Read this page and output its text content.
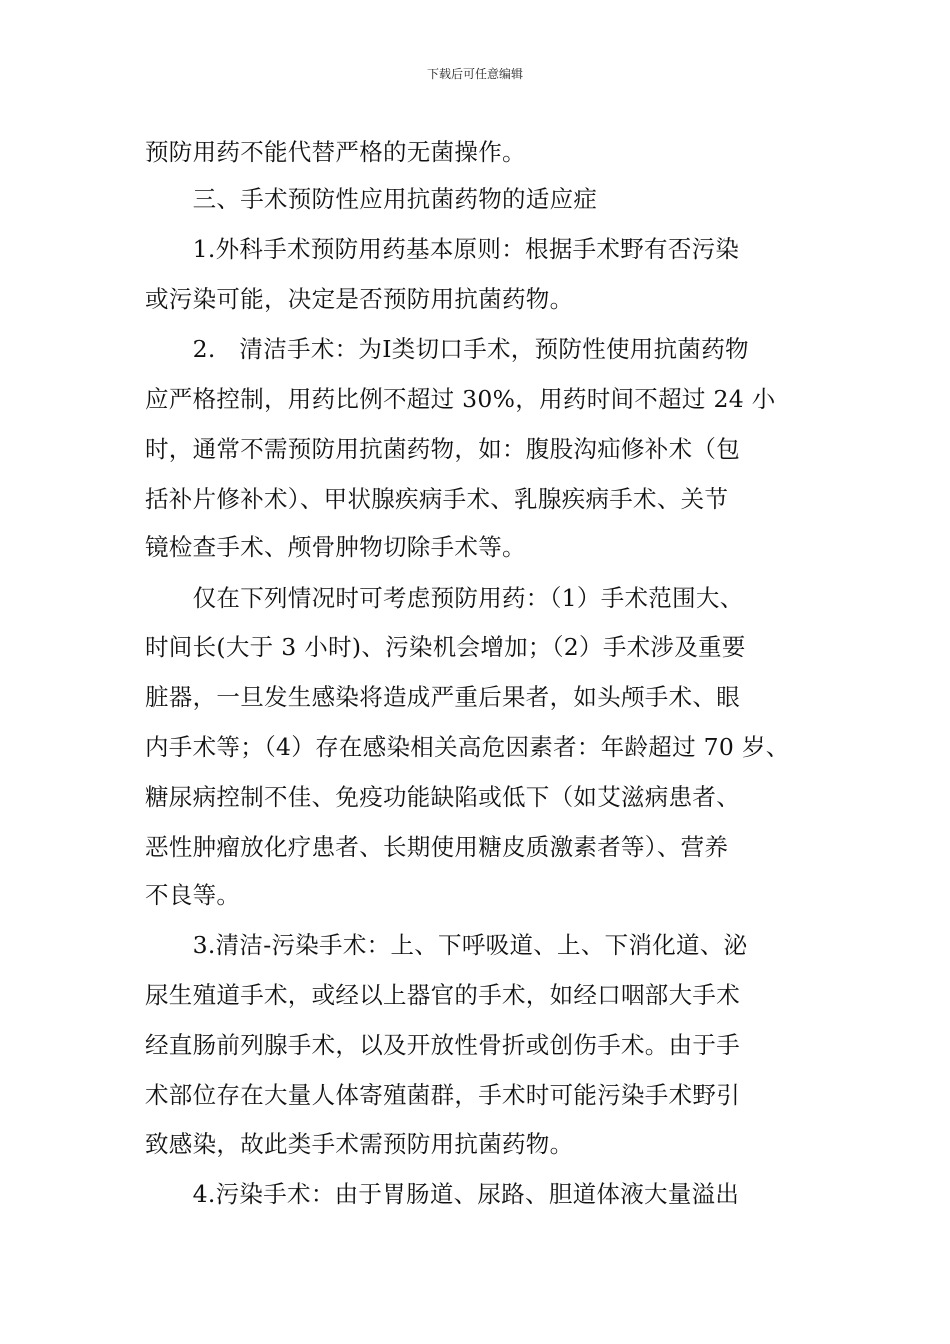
下载后可任意编辑
预防用药不能代替严格的无菌操作。
　　三、手术预防性应用抗菌药物的适应症
　　1.外科手术预防用药基本原则：根据手术野有否污染
或污染可能，决定是否预防用抗菌药物。
　　2.　清洁手术：为Ⅰ类切口手术，预防性使用抗菌药物
应严格控制，用药比例不超过 30%，用药时间不超过 24 小
时，通常不需预防用抗菌药物，如：腹股沟疝修补术（包
括补片修补术）、甲状腺疾病手术、乳腺疾病手术、关节
镜检查手术、颅骨肿物切除手术等。
　　仅在下列情况时可考虑预防用药：（1）手术范围大、
时间长(大于 3 小时)、污染机会增加；（2）手术涉及重要
脏器，一旦发生感染将造成严重后果者，如头颅手术、眼
内手术等；（4）存在感染相关高危因素者：年龄超过 70 岁、
糖尿病控制不佳、免疫功能缺陷或低下（如艾滋病患者、
恶性肿瘤放化疗患者、长期使用糖皮质激素者等）、营养
不良等。
　　3.清洁-污染手术：上、下呼吸道、上、下消化道、泌
尿生殖道手术，或经以上器官的手术，如经口咽部大手术
经直肠前列腺手术，以及开放性骨折或创伤手术。由于手
术部位存在大量人体寄殖菌群，手术时可能污染手术野引
致感染，故此类手术需预防用抗菌药物。
　　4.污染手术：由于胃肠道、尿路、胆道体液大量溢出
